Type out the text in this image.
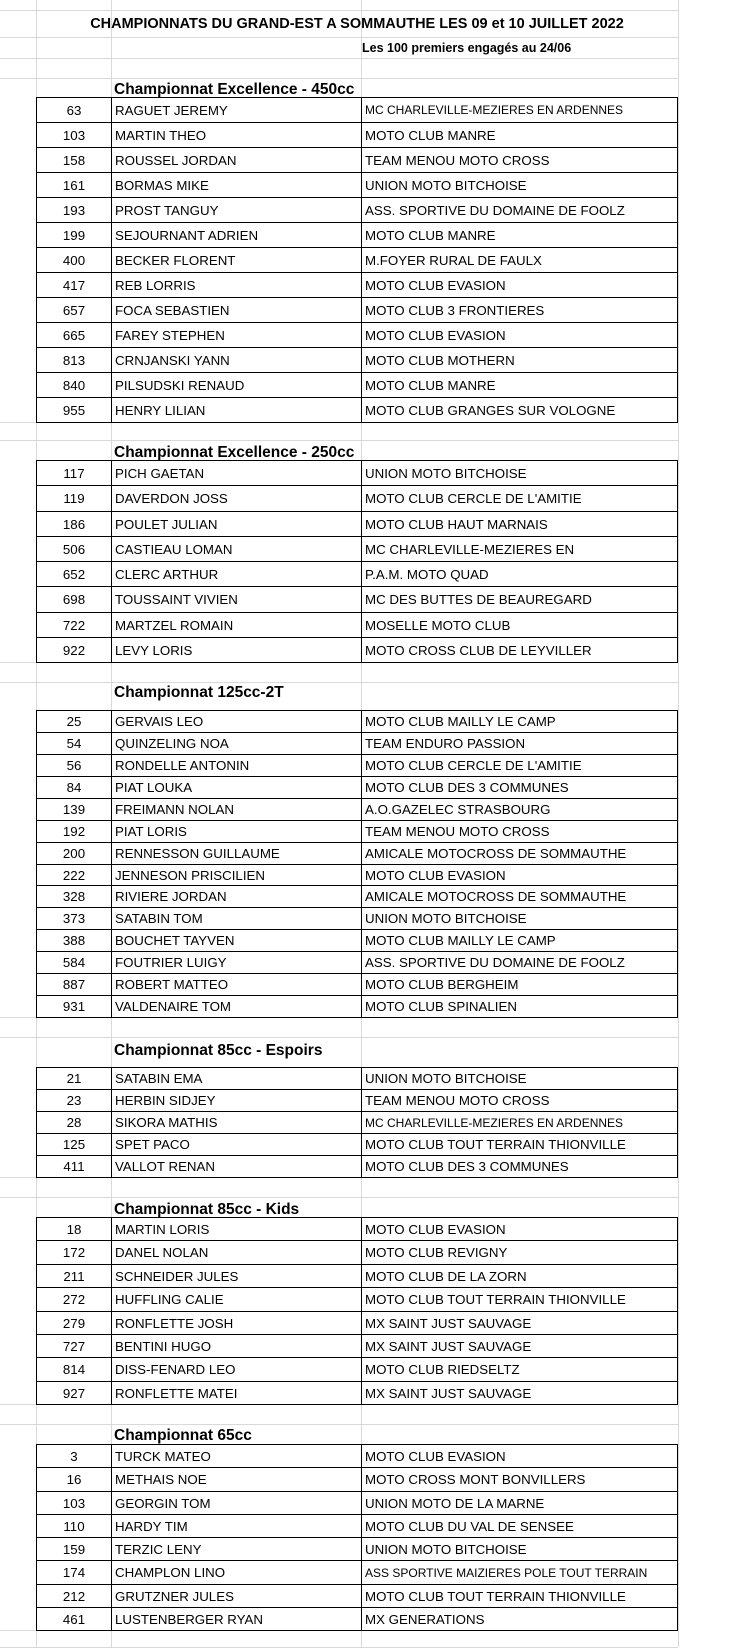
CHAMPIONNATS DU GRAND-EST A SOMMAUTHE LES 09 et 10 JUILLET 2022
Les 100 premiers engagés au 24/06
Championnat Excellence - 450cc
63	RAGUET JEREMY	MC CHARLEVILLE-MEZIERES EN ARDENNES
103	MARTIN THEO	MOTO CLUB MANRE
158	ROUSSEL JORDAN	TEAM MENOU MOTO CROSS
161	BORMAS MIKE	UNION MOTO BITCHOISE
193	PROST TANGUY	ASS. SPORTIVE DU DOMAINE DE FOOLZ
199	SEJOURNANT ADRIEN	MOTO CLUB MANRE
400	BECKER FLORENT	M.FOYER RURAL DE FAULX
417	REB LORRIS	MOTO CLUB EVASION
657	FOCA SEBASTIEN	MOTO CLUB 3 FRONTIERES
665	FAREY STEPHEN	MOTO CLUB EVASION
813	CRNJANSKI YANN	MOTO CLUB MOTHERN
840	PILSUDSKI RENAUD	MOTO CLUB MANRE
955	HENRY LILIAN	MOTO CLUB GRANGES SUR VOLOGNE
Championnat Excellence - 250cc
117	PICH GAETAN	UNION MOTO BITCHOISE
119	DAVERDON JOSS	MOTO CLUB CERCLE DE L'AMITIE
186	POULET JULIAN	MOTO CLUB HAUT MARNAIS
506	CASTIEAU LOMAN	MC CHARLEVILLE-MEZIERES EN
652	CLERC ARTHUR	P.A.M. MOTO QUAD
698	TOUSSAINT VIVIEN	MC DES BUTTES DE BEAUREGARD
722	MARTZEL ROMAIN	MOSELLE MOTO CLUB
922	LEVY LORIS	MOTO CROSS CLUB DE LEYVILLER
Championnat 125cc-2T
25	GERVAIS LEO	MOTO CLUB MAILLY LE CAMP
54	QUINZELING NOA	TEAM ENDURO PASSION
56	RONDELLE ANTONIN	MOTO CLUB CERCLE DE L'AMITIE
84	PIAT LOUKA	MOTO CLUB DES 3 COMMUNES
139	FREIMANN NOLAN	A.O.GAZELEC STRASBOURG
192	PIAT LORIS	TEAM MENOU MOTO CROSS
200	RENNESSON GUILLAUME	AMICALE MOTOCROSS DE SOMMAUTHE
222	JENNESON PRISCILIEN	MOTO CLUB EVASION
328	RIVIERE JORDAN	AMICALE MOTOCROSS DE SOMMAUTHE
373	SATABIN TOM	UNION MOTO BITCHOISE
388	BOUCHET TAYVEN	MOTO CLUB MAILLY LE CAMP
584	FOUTRIER LUIGY	ASS. SPORTIVE DU DOMAINE DE FOOLZ
887	ROBERT MATTEO	MOTO CLUB BERGHEIM
931	VALDENAIRE TOM	MOTO CLUB SPINALIEN
Championnat 85cc - Espoirs
21	SATABIN EMA	UNION MOTO BITCHOISE
23	HERBIN SIDJEY	TEAM MENOU MOTO CROSS
28	SIKORA MATHIS	MC CHARLEVILLE-MEZIERES EN ARDENNES
125	SPET PACO	MOTO CLUB TOUT TERRAIN THIONVILLE
411	VALLOT RENAN	MOTO CLUB DES 3 COMMUNES
Championnat 85cc - Kids
18	MARTIN LORIS	MOTO CLUB EVASION
172	DANEL NOLAN	MOTO CLUB REVIGNY
211	SCHNEIDER JULES	MOTO CLUB DE LA ZORN
272	HUFFLING CALIE	MOTO CLUB TOUT TERRAIN THIONVILLE
279	RONFLETTE JOSH	MX SAINT JUST SAUVAGE
727	BENTINI HUGO	MX SAINT JUST SAUVAGE
814	DISS-FENARD LEO	MOTO CLUB RIEDSELTZ
927	RONFLETTE MATEI	MX SAINT JUST SAUVAGE
Championnat 65cc
3	TURCK MATEO	MOTO CLUB EVASION
16	METHAIS NOE	MOTO CROSS MONT BONVILLERS
103	GEORGIN TOM	UNION MOTO DE LA MARNE
110	HARDY TIM	MOTO CLUB DU VAL DE SENSEE
159	TERZIC LENY	UNION MOTO BITCHOISE
174	CHAMPLON LINO	ASS SPORTIVE MAIZIERES POLE TOUT TERRAIN
212	GRUTZNER JULES	MOTO CLUB TOUT TERRAIN THIONVILLE
461	LUSTENBERGER RYAN	MX GENERATIONS
